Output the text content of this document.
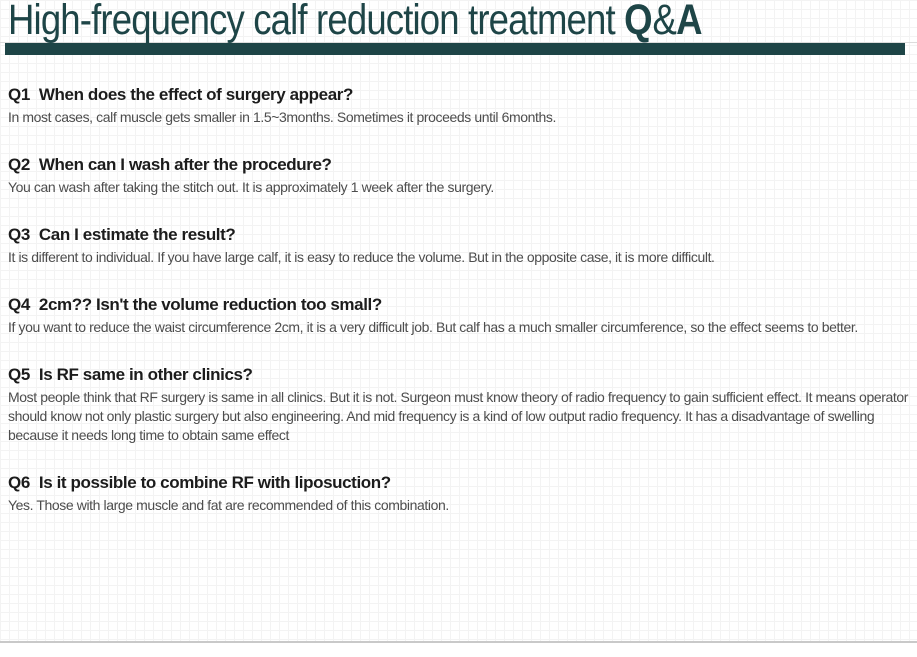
High-frequency calf reduction treatment Q&A
Q1 When does the effect of surgery appear?

In most cases, calf muscle gets smaller in 1.5~3months. Sometimes it proceeds until 6months.

Q2 When can I wash after the procedure?

You can wash after taking the stitch out. It is approximately 1 week after the surgery.

Q3 Can I estimate the result?

It is different to individual. If you have large calf, it is easy to reduce the volume. But in the opposite case, it is more difficult.

Q4 2cm?? Isn't the volume reduction too small?

If you want to reduce the waist circumference 2cm, it is a very difficult job. But calf has a much smaller circumference, so the effect seems to better.

Q5 Is RF same in other clinics?

Most people think that RF surgery is same in all clinics. But it is not. Surgeon must know theory of radio frequency to gain sufficient effect. It means operator should know not only plastic surgery but also engineering. And mid frequency is a kind of low output radio frequency. It has a disadvantage of swelling because it needs long time to obtain same effect

Q6 Is it possible to combine RF with liposuction?

Yes. Those with large muscle and fat are recommended of this combination.
